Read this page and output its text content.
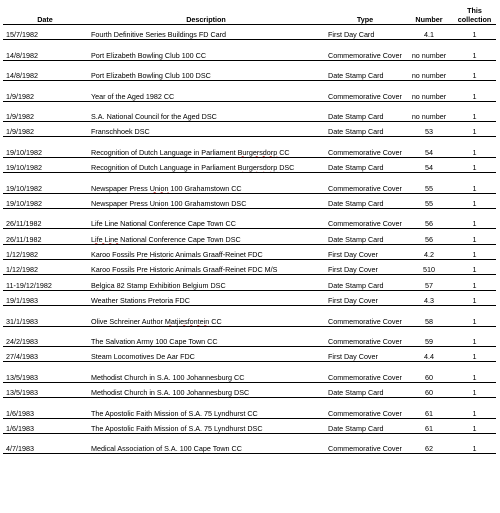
Date	Description	Type	Number	This
collection
15/7/1982	Fourth Definitive Series Buildings FD Card	First Day Card	4.1	1
14/8/1982	Port Elizabeth Bowling Club 100 CC	Commemorative Cover	no number	1
14/8/1982	Port Elizabeth Bowling Club 100 DSC	Date Stamp Card	no number	1
1/9/1982	Year of the Aged 1982 CC	Commemorative Cover	no number	1
1/9/1982	S.A. National Council for the Aged DSC	Date Stamp Card	no number	1
1/9/1982	Franschhoek DSC	Date Stamp Card	53	1
19/10/1982	Recognition of Dutch Language in Parliament Burgersdorp CC	Commemorative Cover	54	1
19/10/1982	Recognition of Dutch Language in Parliament Burgersdorp DSC	Date Stamp Card	54	1
19/10/1982	Newspaper Press Union 100 Grahamstown CC	Commemorative Cover	55	1
19/10/1982	Newspaper Press Union 100 Grahamstown DSC	Date Stamp Card	55	1
26/11/1982	Life Line National Conference Cape Town CC	Commemorative Cover	56	1
26/11/1982	Life Line National Conference Cape Town DSC	Date Stamp Card	56	1
1/12/1982	Karoo Fossils Pre Historic Animals Graaff-Reinet FDC	First Day Cover	4.2	1
1/12/1982	Karoo Fossils Pre Historic Animals Graaff-Reinet FDC M/S	First Day Cover	510	1
11-19/12/1982	Belgica 82 Stamp Exhibition Belgium DSC	Date Stamp Card	57	1
19/1/1983	Weather Stations Pretoria FDC	First Day Cover	4.3	1
31/1/1983	Olive Schreiner Author Matjiesfontein CC	Commemorative Cover	58	1
24/2/1983	The Salvation Army 100 Cape Town CC	Commemorative Cover	59	1
27/4/1983	Steam Locomotives De Aar FDC	First Day Cover	4.4	1
13/5/1983	Methodist Church in S.A. 100 Johannesburg CC	Commemorative Cover	60	1
13/5/1983	Methodist Church in S.A. 100 Johannesburg DSC	Date Stamp Card	60	1
1/6/1983	The Apostolic Faith Mission of S.A. 75 Lyndhurst CC	Commemorative Cover	61	1
1/6/1983	The Apostolic Faith Mission of S.A. 75 Lyndhurst DSC	Date Stamp Card	61	1
4/7/1983	Medical Association of S.A. 100 Cape Town CC	Commemorative Cover	62	1
